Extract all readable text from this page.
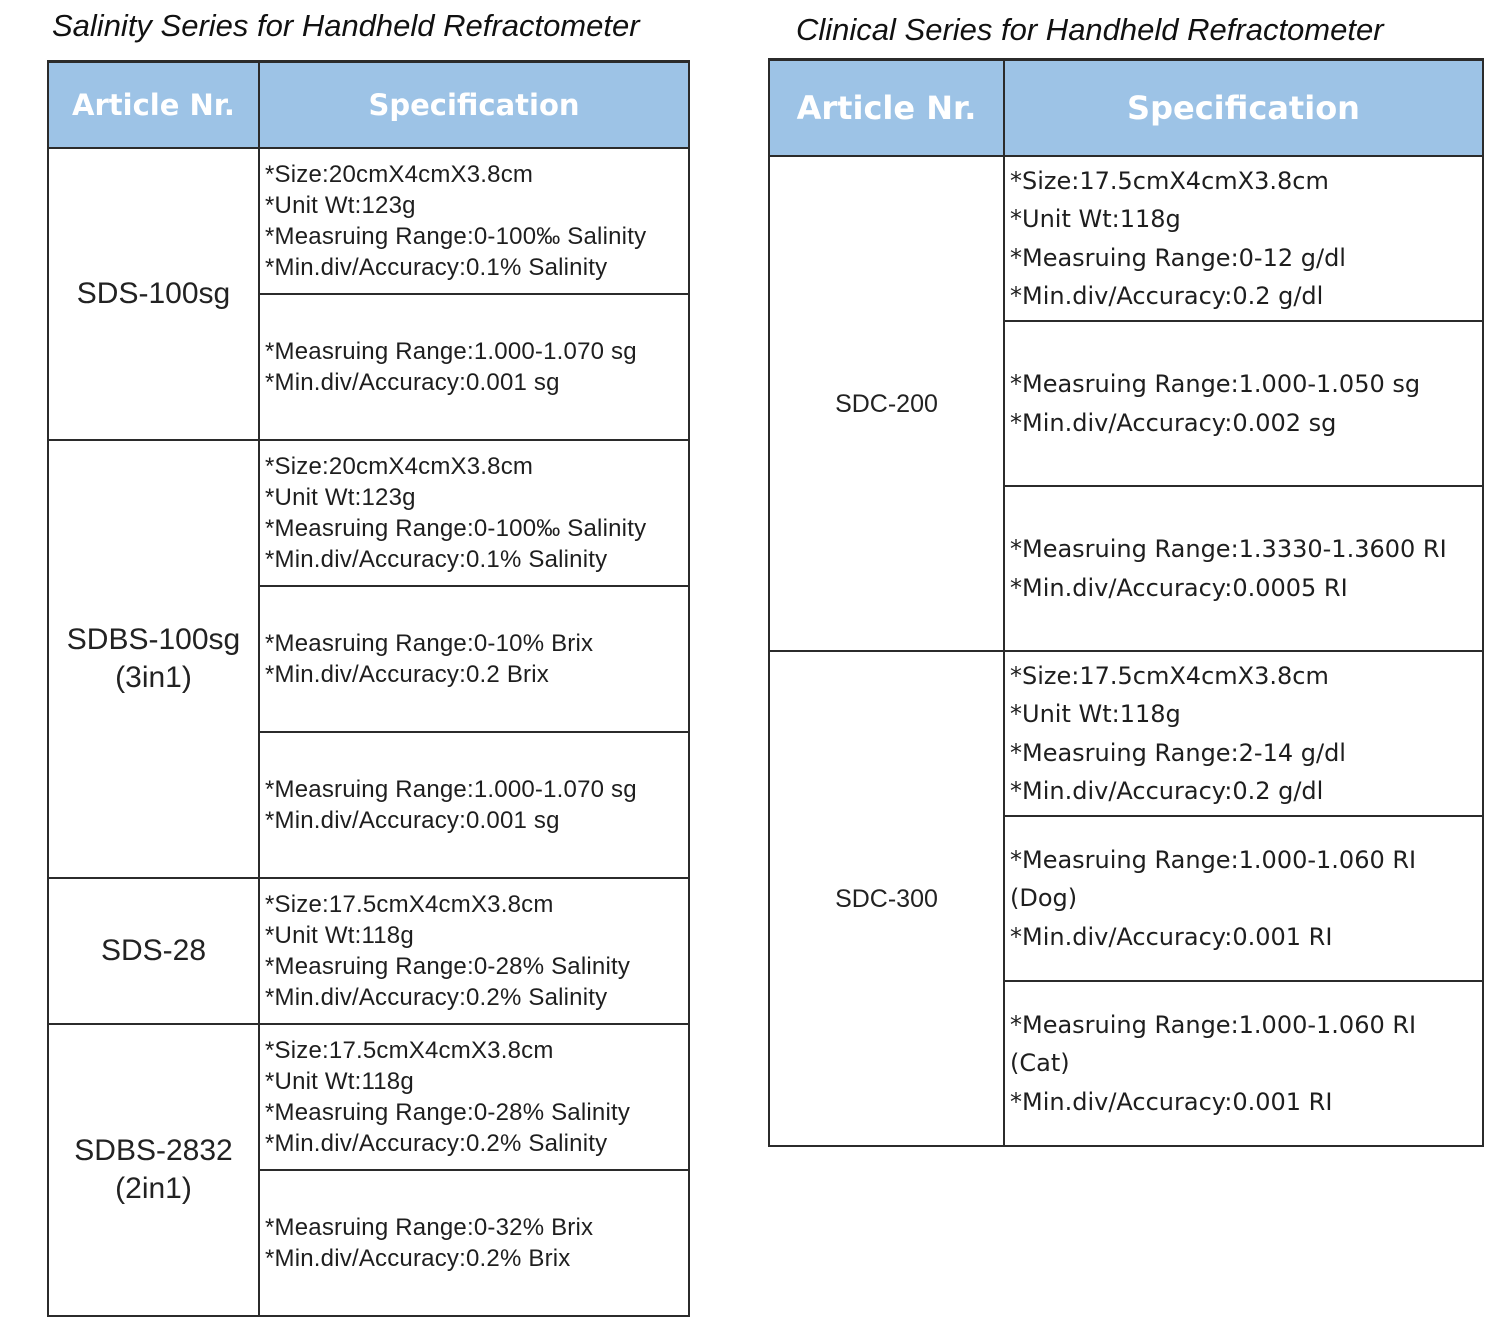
Salinity Series for Handheld Refractometer
Article Nr.	Specification
SDS-100sg	*Size:20cmX4cmX3.8cm
*Unit Wt:123g
*Measruing Range:0-100‰ Salinity
*Min.div/Accuracy:0.1% Salinity

	*Measruing Range:1.000-1.070 sg
*Min.div/Accuracy:0.001 sg

SDBS-100sg
(3in1)	*Size:20cmX4cmX3.8cm
*Unit Wt:123g
*Measruing Range:0-100‰ Salinity
*Min.div/Accuracy:0.1% Salinity

	*Measruing Range:0-10% Brix
*Min.div/Accuracy:0.2 Brix

	*Measruing Range:1.000-1.070 sg
*Min.div/Accuracy:0.001 sg

SDS-28	*Size:17.5cmX4cmX3.8cm
*Unit Wt:118g
*Measruing Range:0-28% Salinity
*Min.div/Accuracy:0.2% Salinity

SDBS-2832
(2in1)	*Size:17.5cmX4cmX3.8cm
*Unit Wt:118g
*Measruing Range:0-28% Salinity
*Min.div/Accuracy:0.2% Salinity

	*Measruing Range:0-32% Brix
*Min.div/Accuracy:0.2% Brix
Clinical Series for Handheld Refractometer
Article Nr.	Specification
SDC-200	*Size:17.5cmX4cmX3.8cm
*Unit Wt:118g
*Measruing Range:0-12 g/dl
*Min.div/Accuracy:0.2 g/dl

	*Measruing Range:1.000-1.050 sg
*Min.div/Accuracy:0.002 sg

	*Measruing Range:1.3330-1.3600 RI
*Min.div/Accuracy:0.0005 RI

SDC-300	*Size:17.5cmX4cmX3.8cm
*Unit Wt:118g
*Measruing Range:2-14 g/dl
*Min.div/Accuracy:0.2 g/dl

	*Measruing Range:1.000-1.060 RI
(Dog)
*Min.div/Accuracy:0.001 RI

	*Measruing Range:1.000-1.060 RI
(Cat)
*Min.div/Accuracy:0.001 RI
